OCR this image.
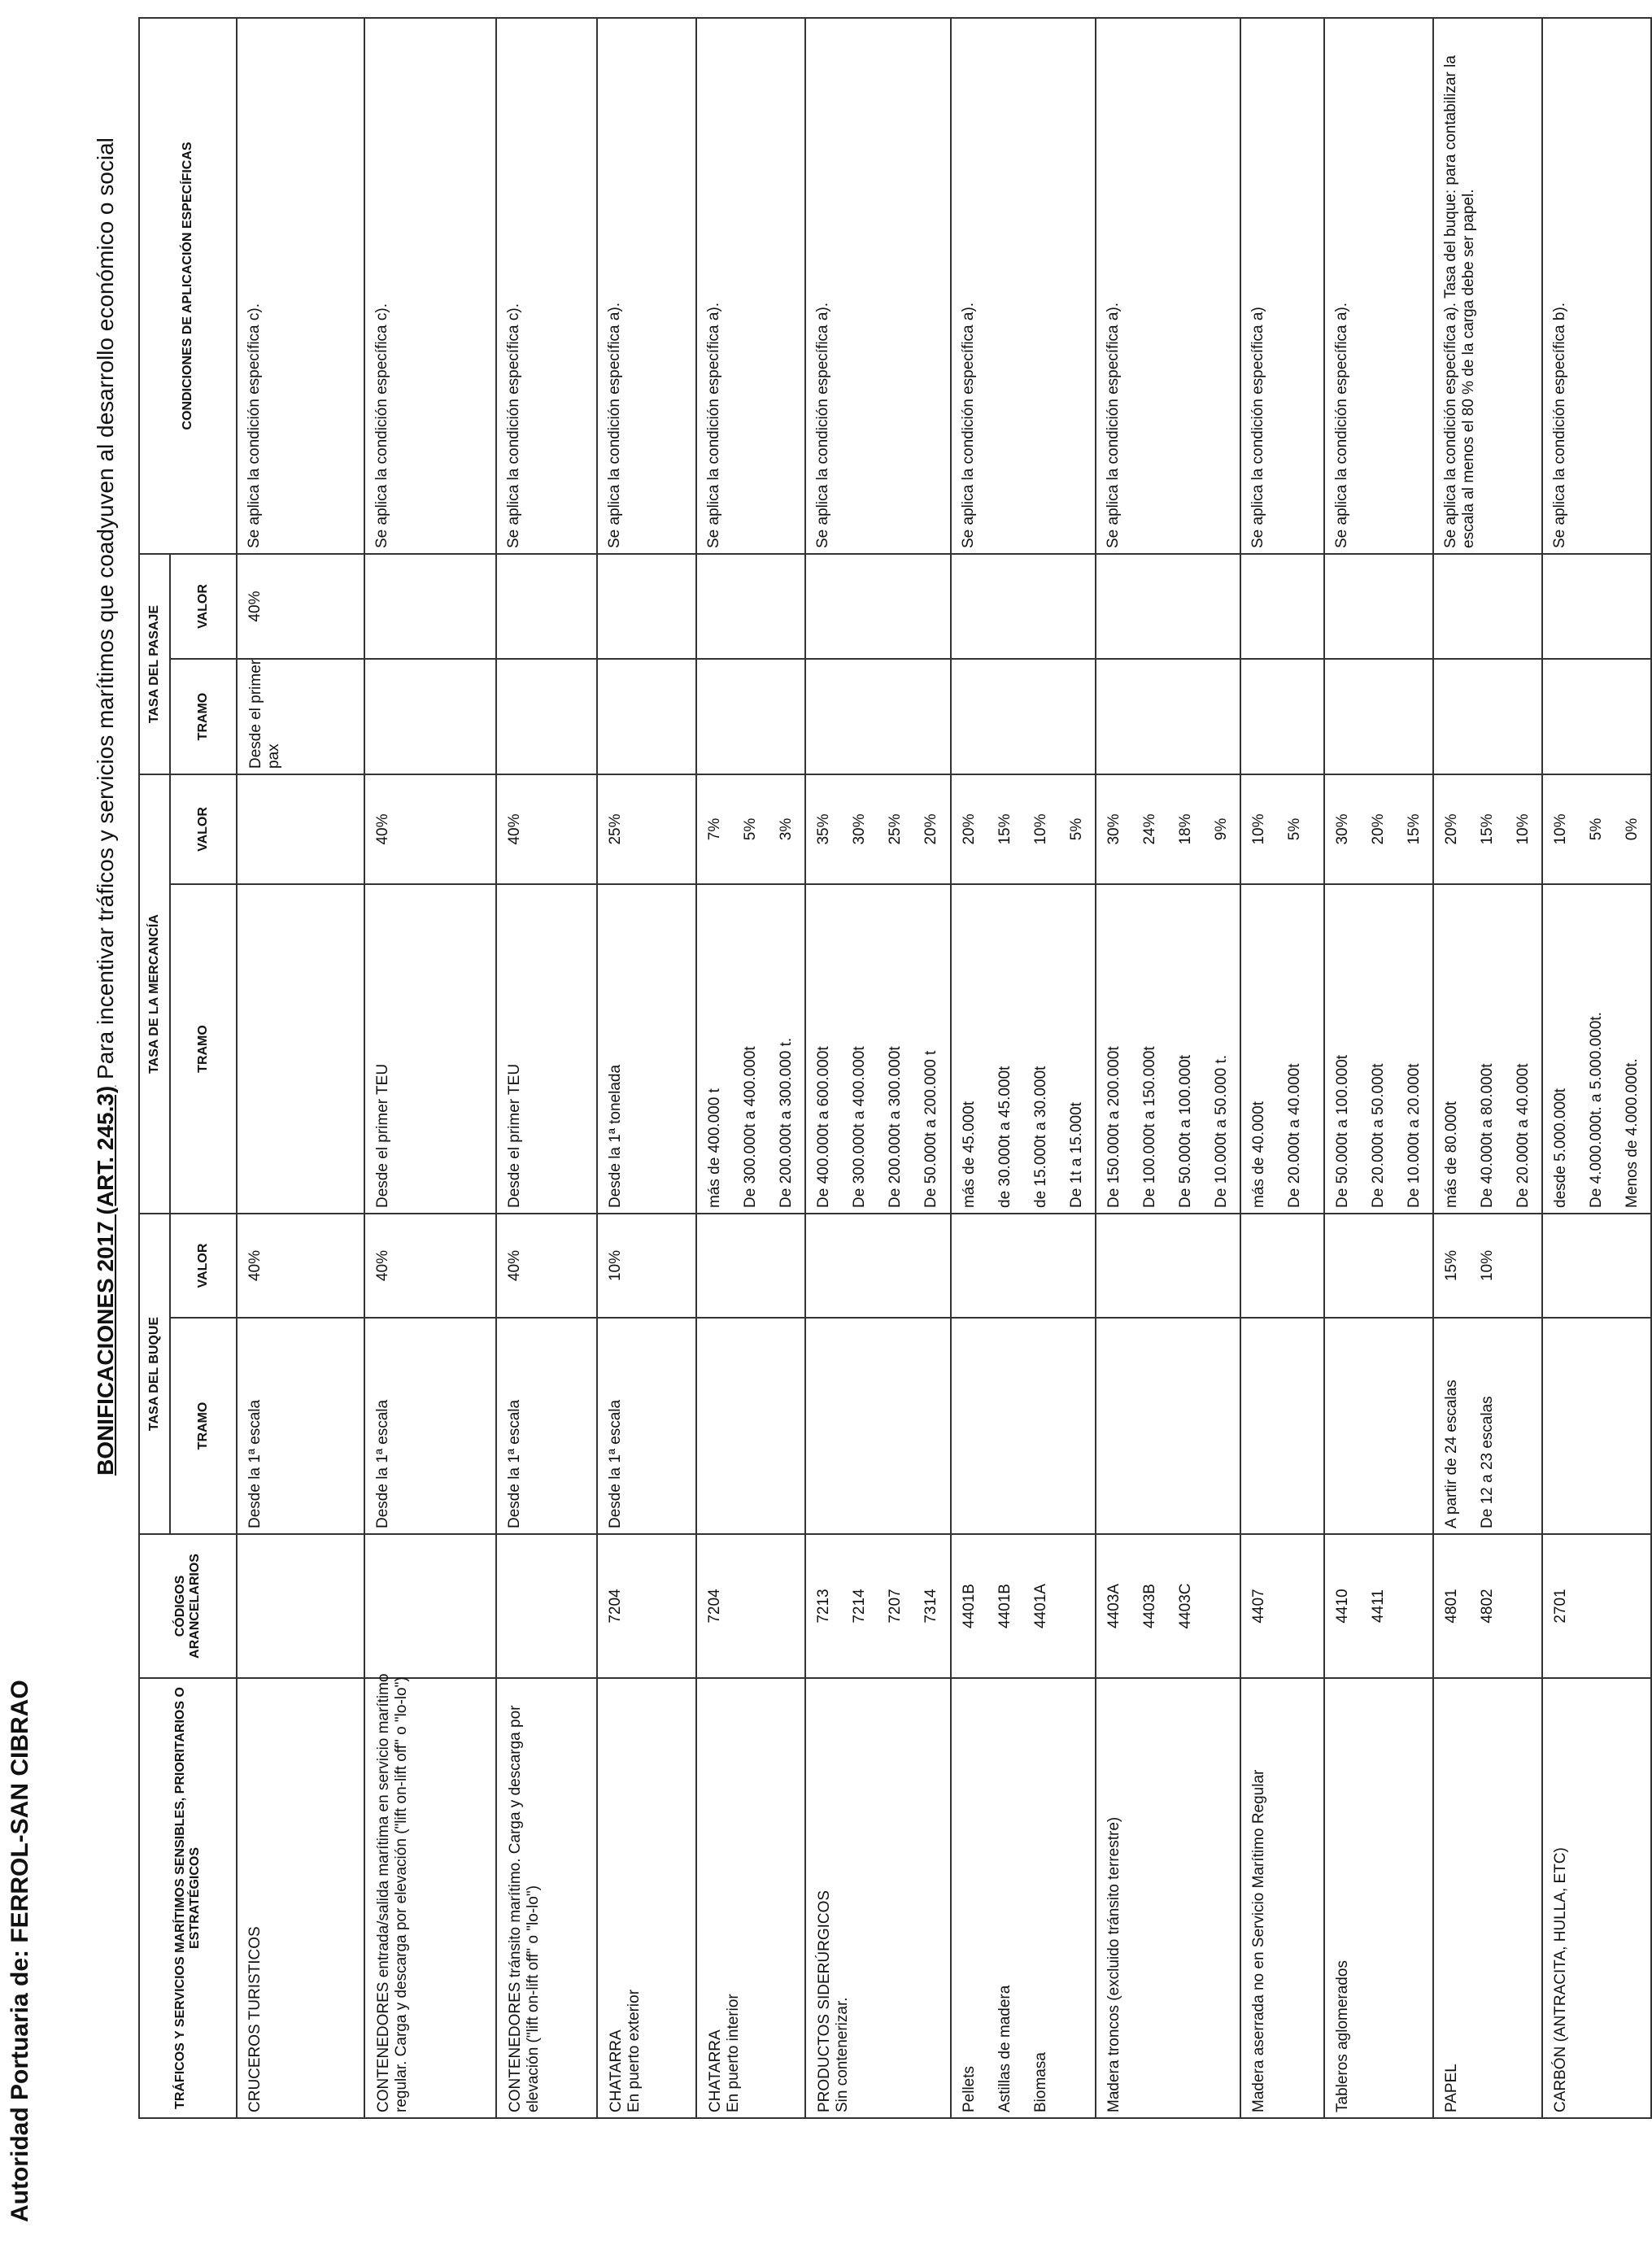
Autoridad Portuaria de: FERROL-SAN CIBRAO
BONIFICACIONES 2017 (ART. 245.3) Para incentivar tráficos y servicios marítimos que coadyuven al desarrollo económico o social
TRÁFICOS Y SERVICIOS MARÍTIMOS SENSIBLES, PRIORITARIOS O ESTRATÉGICOS	CÓDIGOS ARANCELARIOS	TASA DEL BUQUE		TASA DE LA MERCANCÍA		TASA DEL PASAJE		CONDICIONES DE APLICACIÓN ESPECÍFICAS
		TRAMO	VALOR	TRAMO	VALOR	TRAMO	VALOR	

CRUCEROS TURISTICOS		Desde la 1ª escala	40%			Desde el primer pax	40%	Se aplica la condición específica c).

CONTENEDORES entrada/salida marítima en servicio marítimo regular. Carga y descarga por elevación ("lift on-lift off" o "lo-lo")		Desde la 1ª escala	40%	Desde el primer TEU	40%			Se aplica la condición específica c).

CONTENEDORES tránsito marítimo. Carga y descarga por elevación ("lift on-lift off" o "lo-lo")		Desde la 1ª escala	40%	Desde el primer TEU	40%			Se aplica la condición específica c).

CHATARRA En puerto exterior	7204	Desde la 1ª escala	10%	Desde la 1ª tonelada	25%			Se aplica la condición específica a).

CHATARRA En puerto interior	7204			más de 400.000 t De 300.000t a 400.000t De 200.000t a 300.000 t.	7% 5% 3%			Se aplica la condición específica a).

PRODUCTOS SIDERÚRGICOS Sin contenerizar.	7213 7214 7207 7314			De 400.000t a 600.000t De 300.000t a 400.000t De 200.000t a 300.000t De 50.000t a 200.000 t	35% 30% 25% 20%			Se aplica la condición específica a).

Pellets Astillas de madera Biomasa	4401B 4401B 4401A			más de 45.000t de 30.000t a 45.000t de 15.000t a 30.000t De 1t a 15.000t	20% 15% 10% 5%			Se aplica la condición específica a).

Madera troncos (excluido tránsito terrestre)	4403A 4403B 4403C			De 150.000t a 200.000t De 100.000t a 150.000t De 50.000t a 100.000t De 10.000t a 50.000 t.	30% 24% 18% 9%			Se aplica la condición específica a).

Madera aserrada no en Servicio Marítimo Regular	4407			más de 40.000t De 20.000t a 40.000t	10% 5%			Se aplica la condición específica a)

Tableros aglomerados	4410 4411			De 50.000t a 100.000t De 20.000t a 50.000t De 10.000t a 20.000t	30% 20% 15%			Se aplica la condición específica a).

PAPEL	4801 4802	A partir de 24 escalas De 12 a 23 escalas	15% 10%	más de 80.000t De 40.000t a 80.000t De 20.000t a 40.000t	20% 15% 10%			Se aplica la condición específica a). Tasa del buque: para contabilizar la escala al menos el 80 % de la carga debe ser papel.

CARBÓN (ANTRACITA, HULLA, ETC)	2701			desde 5.000.000t De 4.000.000t. a 5.000.000t. Menos de 4.000.000t.	10% 5% 0%			Se aplica la condición específica b).
